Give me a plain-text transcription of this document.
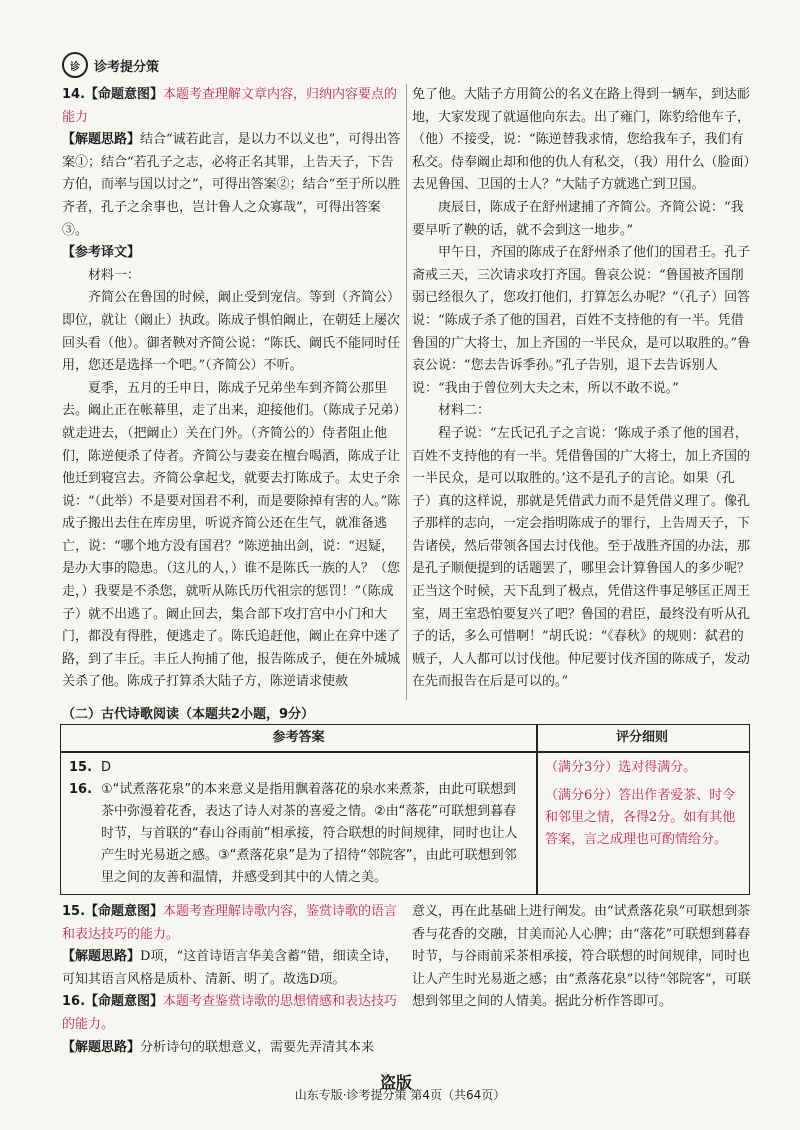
诊	诊考提分策

14.【命题意图】本题考查理解文章内容，归纳内容要点的能力

【解题思路】结合“诚若此言，是以力不以义也”，可得出答案①；结合“若孔子之志，必将正名其罪，上告天子，下告方伯，而率与国以讨之”，可得出答案②；结合“至于所以胜齐者，孔子之余事也，岂计鲁人之众寡哉”，可得出答案③。

【参考译文】

材料一：

齐简公在鲁国的时候，阚止受到宠信。等到（齐简公）即位，就让（阚止）执政。陈成子惧怕阚止，在朝廷上屡次回头看（他）。御者鞅对齐简公说：“陈氏、阚氏不能同时任用，您还是选择一个吧。”（齐简公）不听。

夏季，五月的壬申日，陈成子兄弟坐车到齐简公那里去。阚止正在帐幕里，走了出来，迎接他们。（陈成子兄弟）就走进去，（把阚止）关在门外。（齐简公的）侍者阻止他们，陈逆便杀了侍者。齐简公与妻妾在檀台喝酒，陈成子让他迁到寝宫去。齐简公拿起戈，就要去打陈成子。太史子余说：“（此举）不是要对国君不利，而是要除掉有害的人。”陈成子搬出去住在库房里，听说齐简公还在生气，就准备逃亡，说：“哪个地方没有国君？”陈逆抽出剑，说：“迟疑，是办大事的隐患。（这儿的人，）谁不是陈氏一族的人？（您走，）我要是不杀您，就听从陈氏历代祖宗的惩罚！”（陈成子）就不出逃了。阚止回去，集合部下攻打宫中小门和大门，都没有得胜，便逃走了。陈氏追赶他，阚止在弇中迷了路，到了丰丘。丰丘人拘捕了他，报告陈成子，便在外城城关杀了他。陈成子打算杀大陆子方，陈逆请求使赦

免了他。大陆子方用简公的名义在路上得到一辆车，到达耏地，大家发现了就逼他向东去。出了雍门，陈豹给他车子，（他）不接受，说：“陈逆替我求情，您给我车子，我们有私交。侍奉阚止却和他的仇人有私交，（我）用什么（脸面）去见鲁国、卫国的士人？”大陆子方就逃亡到卫国。

庚辰日，陈成子在舒州逮捕了齐简公。齐简公说：“我要早听了鞅的话，就不会到这一地步。”

甲午日，齐国的陈成子在舒州杀了他们的国君壬。孔子斋戒三天，三次请求攻打齐国。鲁哀公说：“鲁国被齐国削弱已经很久了，您攻打他们，打算怎么办呢？”（孔子）回答说：“陈成子杀了他的国君，百姓不支持他的有一半。凭借鲁国的广大将士，加上齐国的一半民众，是可以取胜的。”鲁哀公说：“您去告诉季孙。”孔子告别，退下去告诉别人说：“我由于曾位列大夫之末，所以不敢不说。”

材料二：

程子说：“左氏记孔子之言说：‘陈成子杀了他的国君，百姓不支持他的有一半。凭借鲁国的广大将士，加上齐国的一半民众，是可以取胜的。’这不是孔子的言论。如果（孔子）真的这样说，那就是凭借武力而不是凭借义理了。像孔子那样的志向，一定会指明陈成子的罪行，上告周天子，下告诸侯，然后带领各国去讨伐他。至于战胜齐国的办法，那是孔子顺便提到的话题罢了，哪里会计算鲁国人的多少呢？正当这个时候，天下乱到了极点，凭借这件事足够匡正周王室，周王室恐怕要复兴了吧？鲁国的君臣，最终没有听从孔子的话，多么可惜啊！”胡氏说：“《春秋》的规则：弑君的贼子，人人都可以讨伐他。仲尼要讨伐齐国的陈成子，发动在先而报告在后是可以的。”

（二）古代诗歌阅读（本题共2小题，9分）
参考答案	评分细则
15. D
16. ①“试煮落花泉”的本来意义是指用飘着落花的泉水来煮茶，由此可联想到茶中弥漫着花香，表达了诗人对茶的喜爱之情。②由“落花”可联想到暮春时节，与首联的“春山谷雨前”相承接，符合联想的时间规律，同时也让人产生时光易逝之感。③“煮落花泉”是为了招待“邻院客”，由此可联想到邻里之间的友善和温情，并感受到其中的人情之美。
（满分3分）选对得满分。
（满分6分）答出作者爱茶、时令和邻里之情，各得2分。如有其他答案，言之成理也可酌情给分。

15.【命题意图】本题考查理解诗歌内容，鉴赏诗歌的语言和表达技巧的能力。

【解题思路】D项，“这首诗语言华美含蓄”错，细读全诗，可知其语言风格是质朴、清新、明了。故选D项。

16.【命题意图】本题考查鉴赏诗歌的思想情感和表达技巧的能力。

【解题思路】分析诗句的联想意义，需要先弄清其本来

意义，再在此基础上进行阐发。由“试煮落花泉”可联想到茶香与花香的交融，甘美而沁人心脾；由“落花”可联想到暮春时节，与谷雨前采茶相承接，符合联想的时间规律，同时也让人产生时光易逝之感；由“煮落花泉”以待“邻院客”，可联想到邻里之间的人情美。据此分析作答即可。

盗版
山东专版·诊考提分策 第4页（共64页）
